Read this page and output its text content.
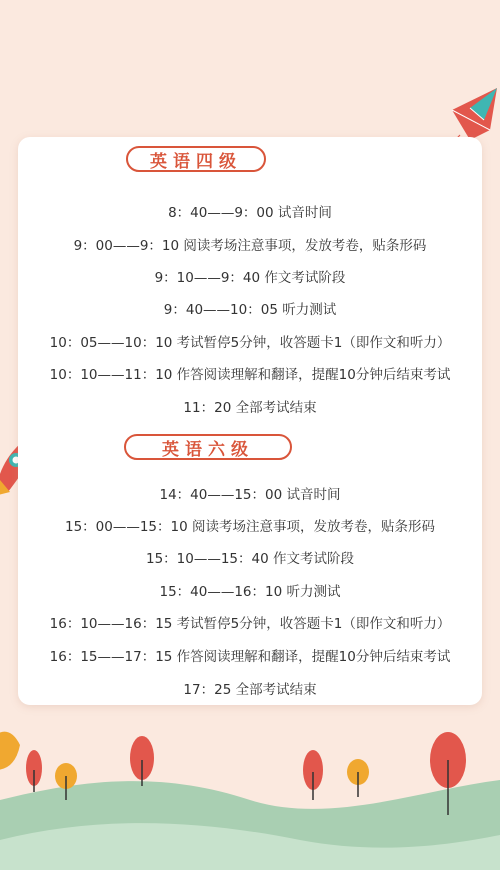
英语四级
8：40——9：00 试音时间
9：00——9：10 阅读考场注意事项，发放考卷，贴条形码
9：10——9：40 作文考试阶段
9：40——10：05 听力测试
10：05——10：10 考试暂停5分钟，收答题卡1（即作文和听力）
10：10——11：10 作答阅读理解和翻译，提醒10分钟后结束考试
11：20 全部考试结束
英语六级
14：40——15：00 试音时间
15：00——15：10 阅读考场注意事项，发放考卷，贴条形码
15：10——15：40 作文考试阶段
15：40——16：10 听力测试
16：10——16：15 考试暂停5分钟，收答题卡1（即作文和听力）
16：15——17：15 作答阅读理解和翻译，提醒10分钟后结束考试
17：25 全部考试结束
